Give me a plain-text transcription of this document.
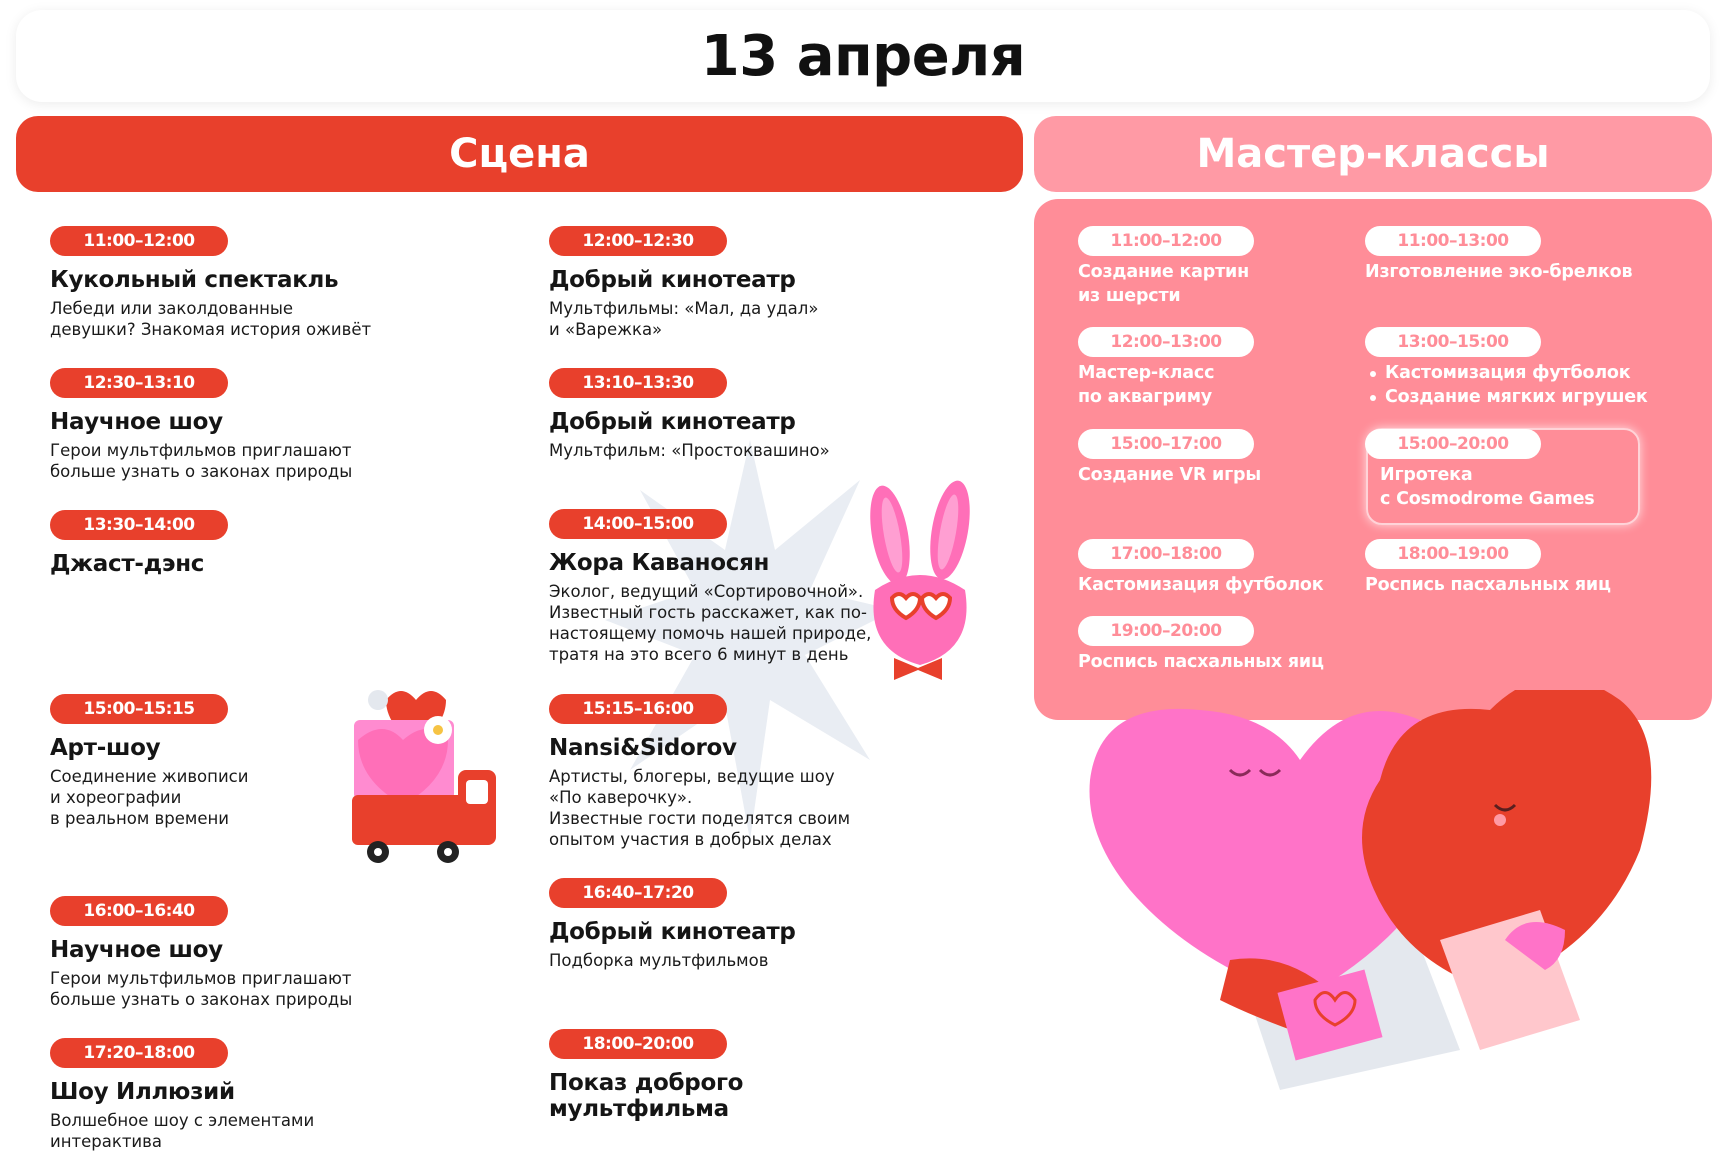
13 апреля
Сцена	Мастер-классы
11:00–12:00
Кукольный спектакль
Лебеди или заколдованные
девушки? Знакомая история оживёт
12:30–13:10
Научное шоу
Герои мультфильмов приглашают
больше узнать о законах природы
13:30–14:00
Джаст-дэнс
15:00–15:15
Арт-шоу
Соединение живописи
и хореографии
в реальном времени
16:00–16:40
Научное шоу
Герои мультфильмов приглашают
больше узнать о законах природы
17:20–18:00
Шоу Иллюзий
Волшебное шоу с элементами
интерактива
12:00–12:30
Добрый кинотеатр
Мультфильмы: «Мал, да удал»
и «Варежка»
13:10–13:30
Добрый кинотеатр
Мультфильм: «Простоквашино»
14:00–15:00
Жора Каваносян
Эколог, ведущий «Сортировочной».
Известный гость расскажет, как по-
настоящему помочь нашей природе,
тратя на это всего 6 минут в день
15:15–16:00
Nansi&Sidorov
Артисты, блогеры, ведущие шоу
«По каверочку».
Известные гости поделятся своим
опытом участия в добрых делах
16:40–17:20
Добрый кинотеатр
Подборка мультфильмов
18:00–20:00
Показ доброго
мультфильма
11:00–12:00
Создание картин
из шерсти
11:00–13:00
Изготовление эко-брелков
12:00–13:00
Мастер-класс
по аквагриму
13:00–15:00
Кастомизация футболок
Создание мягких игрушек
15:00–17:00
Создание VR игры
15:00–20:00
Игротека
с Cosmodrome Games
17:00–18:00
Кастомизация футболок
18:00–19:00
Роспись пасхальных яиц
19:00–20:00
Роспись пасхальных яиц
